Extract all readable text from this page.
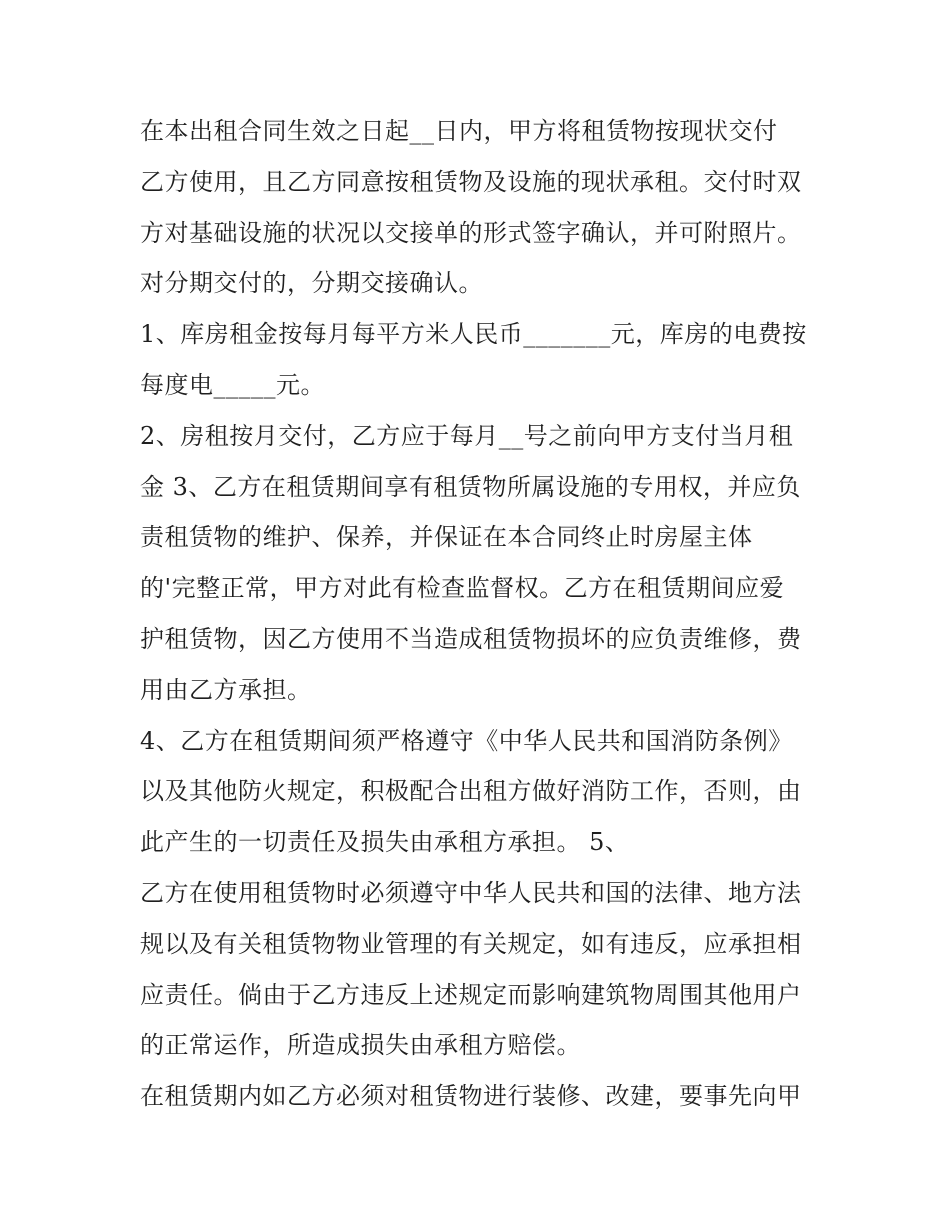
在本出租合同生效之日起__日内，甲方将租赁物按现状交付
乙方使用，且乙方同意按租赁物及设施的现状承租。交付时双
方对基础设施的状况以交接单的形式签字确认，并可附照片。
对分期交付的，分期交接确认。
1、库房租金按每月每平方米人民币_______元，库房的电费按
每度电_____元。
2、房租按月交付，乙方应于每月__号之前向甲方支付当月租
金 3、乙方在租赁期间享有租赁物所属设施的专用权，并应负
责租赁物的维护、保养，并保证在本合同终止时房屋主体
的'完整正常，甲方对此有检查监督权。乙方在租赁期间应爱
护租赁物，因乙方使用不当造成租赁物损坏的应负责维修，费
用由乙方承担。
4、乙方在租赁期间须严格遵守《中华人民共和国消防条例》
以及其他防火规定，积极配合出租方做好消防工作，否则，由
此产生的一切责任及损失由承租方承担。 5、
乙方在使用租赁物时必须遵守中华人民共和国的法律、地方法
规以及有关租赁物物业管理的有关规定，如有违反，应承担相
应责任。倘由于乙方违反上述规定而影响建筑物周围其他用户
的正常运作，所造成损失由承租方赔偿。
在租赁期内如乙方必须对租赁物进行装修、改建，要事先向甲
